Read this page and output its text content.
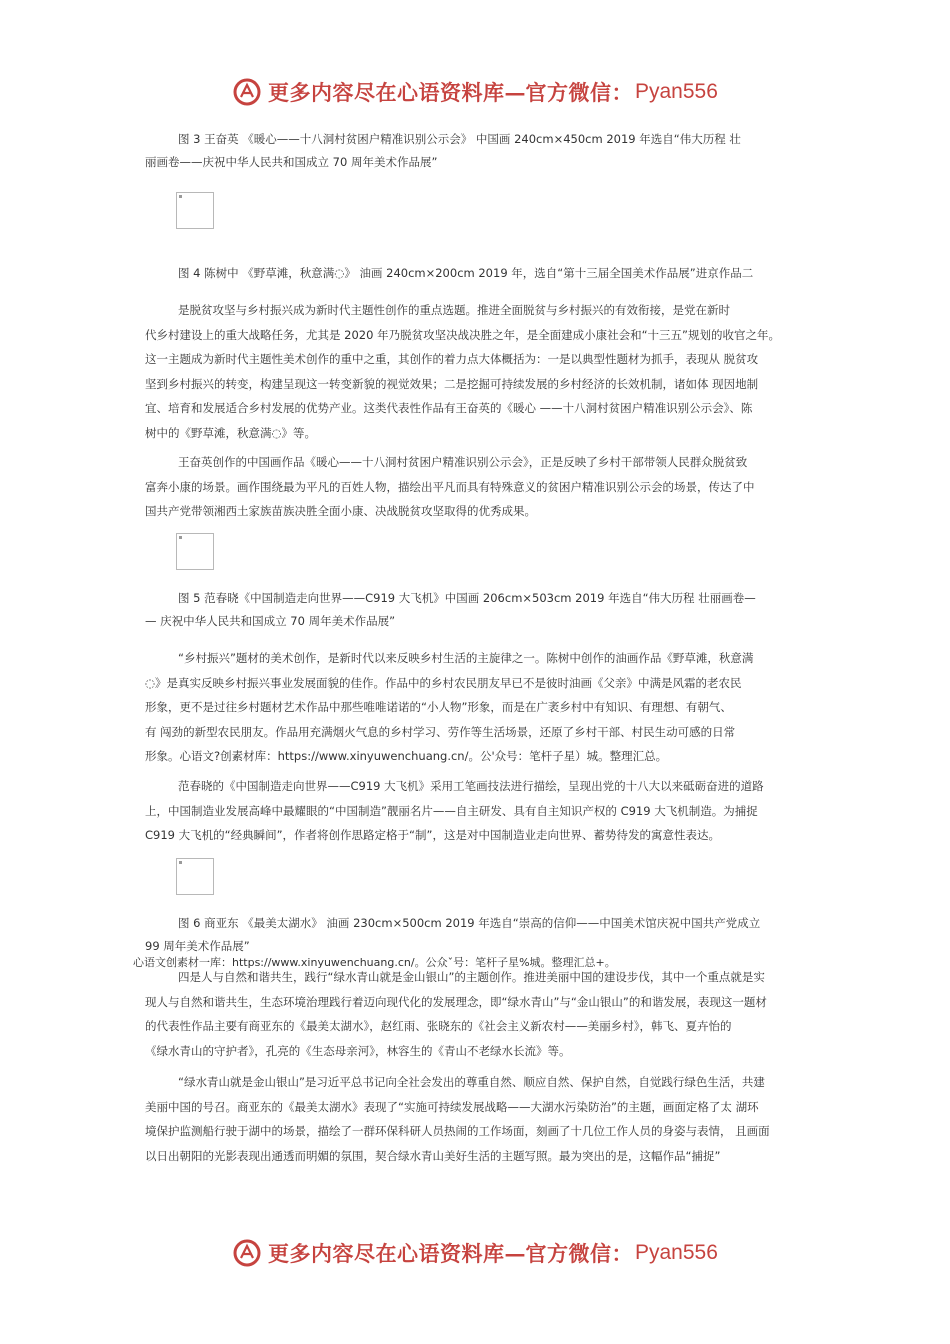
更多内容尽在心语资料库 — 官方微信： Pyan556
图 3 王奋英 《暖心——十八洞村贫困户精准识别公示会》 中国画 240cm×450cm 2019 年选自“伟大历程 壮
丽画卷——庆祝中华人民共和国成立 70 周年美术作品展”
图 4 陈树中 《野草滩，秋意满◌》 油画 240cm×200cm 2019 年，选自“第十三届全国美术作品展”进京作品二
是脱贫攻坚与乡村振兴成为新时代主题性创作的重点选题。推进全面脱贫与乡村振兴的有效衔接，是党在新时
代乡村建设上的重大战略任务，尤其是 2020 年乃脱贫攻坚决战决胜之年，是全面建成小康社会和“十三五”规划的收官之年。
这一主题成为新时代主题性美术创作的重中之重，其创作的着力点大体概括为：一是以典型性题材为抓手，表现从 脱贫攻
坚到乡村振兴的转变，构建呈现这一转变新貌的视觉效果；二是挖掘可持续发展的乡村经济的长效机制，诸如体 现因地制
宜、培育和发展适合乡村发展的优势产业。这类代表性作品有王奋英的《暖心 ——十八洞村贫困户精准识别公示会》、陈
树中的《野草滩，秋意满◌》等。
王奋英创作的中国画作品《暖心——十八洞村贫困户精准识别公示会》，正是反映了乡村干部带领人民群众脱贫致
富奔小康的场景。画作围绕最为平凡的百姓人物，描绘出平凡而具有特殊意义的贫困户精准识别公示会的场景，传达了中
国共产党带领湘西土家族苗族决胜全面小康、决战脱贫攻坚取得的优秀成果。
图 5 范春晓《中国制造走向世界——C919 大飞机》中国画 206cm×503cm 2019 年选自“伟大历程 壮丽画卷—
— 庆祝中华人民共和国成立 70 周年美术作品展”
“乡村振兴”题材的美术创作，是新时代以来反映乡村生活的主旋律之一。陈树中创作的油画作品《野草滩，秋意满
◌》是真实反映乡村振兴事业发展面貌的佳作。作品中的乡村农民朋友早已不是彼时油画《父亲》中满是风霜的老农民
形象，更不是过往乡村题材艺术作品中那些唯唯诺诺的“小人物”形象，而是在广袤乡村中有知识、有理想、有朝气、
有 闯劲的新型农民朋友。作品用充满烟火气息的乡村学习、劳作等生活场景，还原了乡村干部、村民生动可感的日常
形象。心语文?创素材库：https://www.xinyuwenchuang.cn/。公'众号：笔杆子星）城。整理汇总。
范春晓的《中国制造走向世界——C919 大飞机》采用工笔画技法进行描绘，呈现出党的十八大以来砥砺奋进的道路
上，中国制造业发展高峰中最耀眼的“中国制造”靓丽名片——自主研发、具有自主知识产权的 C919 大飞机制造。为捕捉
C919 大飞机的“经典瞬间”，作者将创作思路定格于“制”，这是对中国制造业走向世界、蓄势待发的寓意性表达。
图 6 商亚东 《最美太湖水》 油画 230cm×500cm 2019 年选自“崇高的信仰——中国美术馆庆祝中国共产党成立
99 周年美术作品展”
心语文创素材一库：https://www.xinyuwenchuang.cn/。公众ˇ号：笔杆子星%城。整理汇总+。
四是人与自然和谐共生，践行“绿水青山就是金山银山”的主题创作。推进美丽中国的建设步伐，其中一个重点就是实
现人与自然和谐共生，生态环境治理践行着迈向现代化的发展理念，即“绿水青山”与“金山银山”的和谐发展，表现这一题材
的代表性作品主要有商亚东的《最美太湖水》，赵红雨、张晓东的《社会主义新农村——美丽乡村》，韩飞、夏卉怡的
《绿水青山的守护者》，孔亮的《生态母亲河》，林容生的《青山不老绿水长流》等。
“绿水青山就是金山银山”是习近平总书记向全社会发出的尊重自然、顺应自然、保护自然，自觉践行绿色生活，共建
美丽中国的号召。商亚东的《最美太湖水》表现了“实施可持续发展战略——大湖水污染防治”的主题，画面定格了太 湖环
境保护监测船行驶于湖中的场景，描绘了一群环保科研人员热闹的工作场面，刻画了十几位工作人员的身姿与表情， 且画面
以日出朝阳的光影表现出通透而明媚的氛围，契合绿水青山美好生活的主题写照。最为突出的是，这幅作品“捕捉”
更多内容尽在心语资料库 — 官方微信： Pyan556
